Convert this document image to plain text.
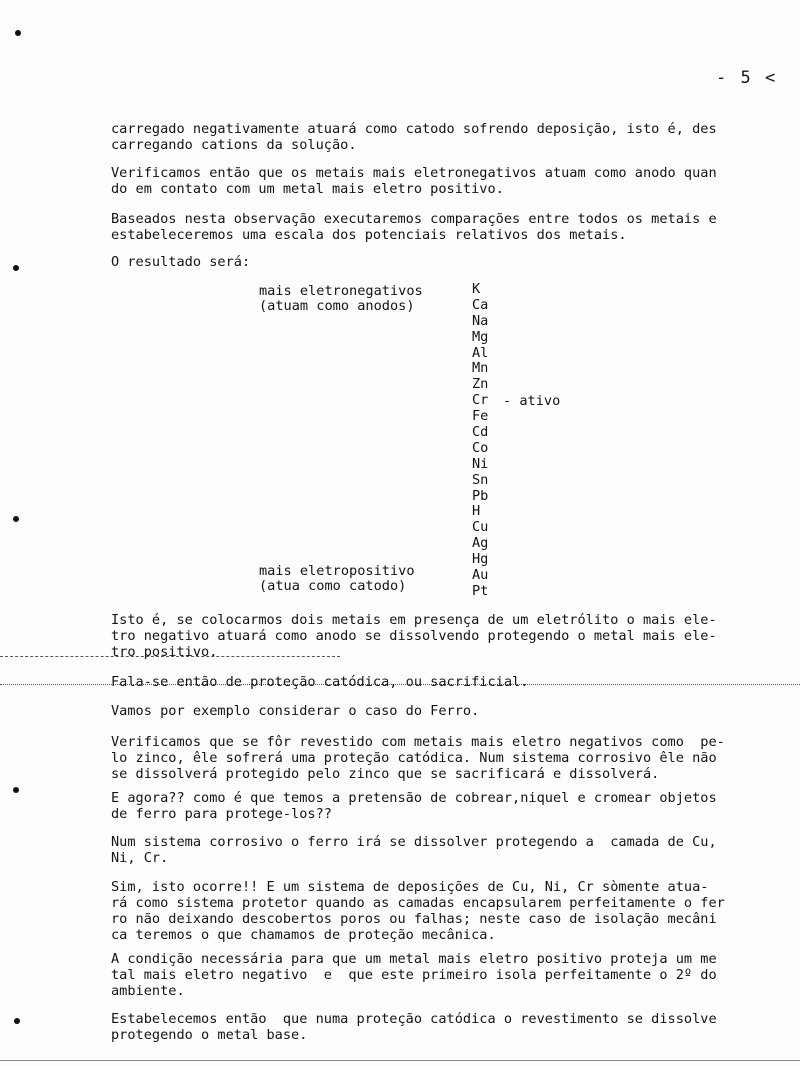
- 5 <

carregado negativamente atuará como catodo sofrendo deposição, isto é, des
carregando cations da solução.

Verificamos então que os metais mais eletronegativos atuam como anodo quan
do em contato com um metal mais eletro positivo.

Baseados nesta observação executaremos comparações entre todos os metais e
estabeleceremos uma escala dos potenciais relativos dos metais.

O resultado será:

mais eletronegativos
(atuam como anodos)
K
Ca
Na
Mg
Al
Mn
Zn
Cr
Fe
Cd
Co
Ni
Sn
Pb
H
Cu
Ag
Hg
Au
Pt
- ativo
mais eletropositivo
(atua como catodo)

Isto é, se colocarmos dois metais em presença de um eletrólito o mais ele-
tro negativo atuará como anodo se dissolvendo protegendo o metal mais ele-
tro positivo.

Fala-se então de proteção catódica, ou sacrificial.

Vamos por exemplo considerar o caso do Ferro.

Verificamos que se fôr revestido com metais mais eletro negativos como  pe-
lo zinco, êle sofrerá uma proteção catódica. Num sistema corrosivo êle não
se dissolverá protegido pelo zinco que se sacrificará e dissolverá.

E agora?? como é que temos a pretensão de cobrear,niquel e cromear objetos
de ferro para protege-los??

Num sistema corrosivo o ferro irá se dissolver protegendo a  camada de Cu,
Ni, Cr.

Sim, isto ocorre!! E um sistema de deposições de Cu, Ni, Cr sòmente atua-
rá como sistema protetor quando as camadas encapsularem perfeitamente o fer
ro não deixando descobertos poros ou falhas; neste caso de isolação mecâni
ca teremos o que chamamos de proteção mecânica.

A condição necessária para que um metal mais eletro positivo proteja um me
tal mais eletro negativo  e  que este primeiro isola perfeitamente o 2º do
ambiente.

Estabelecemos então  que numa proteção catódica o revestimento se dissolve
protegendo o metal base.
